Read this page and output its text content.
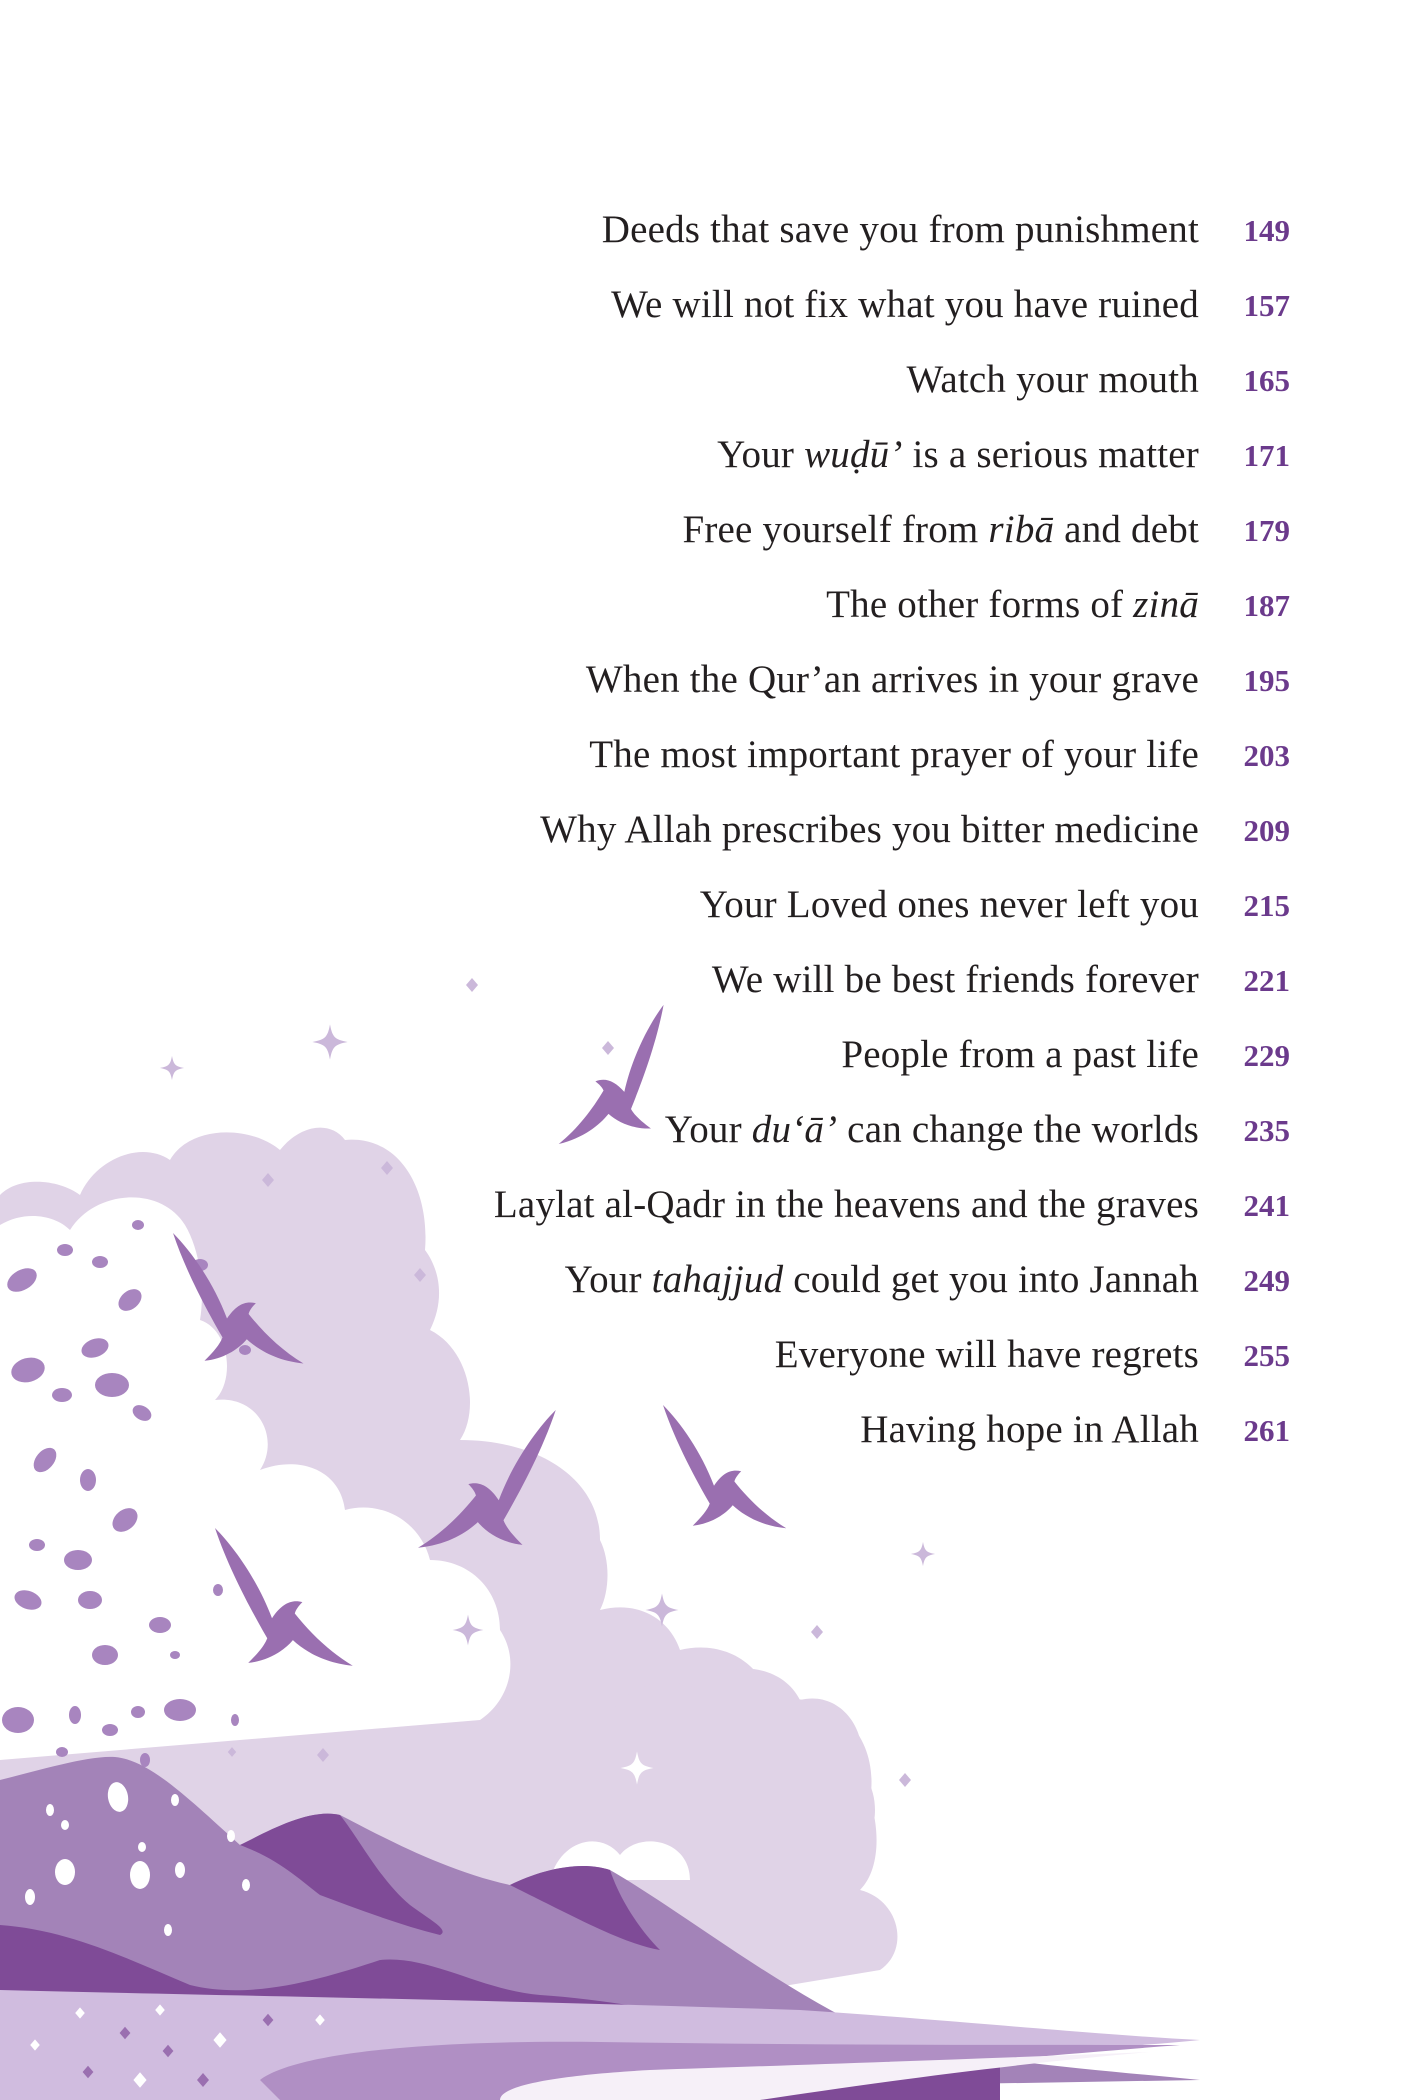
Deeds that save you from punishment 149
We will not fix what you have ruined 157
Watch your mouth 165
Your wuḍū’ is a serious matter 171
Free yourself from ribā and debt 179
The other forms of zinā 187
When the Qur’an arrives in your grave 195
The most important prayer of your life 203
Why Allah prescribes you bitter medicine 209
Your Loved ones never left you 215
We will be best friends forever 221
People from a past life 229
Your du‘ā’ can change the worlds 235
Laylat al-Qadr in the heavens and the graves 241
Your tahajjud could get you into Jannah 249
Everyone will have regrets 255
Having hope in Allah 261
